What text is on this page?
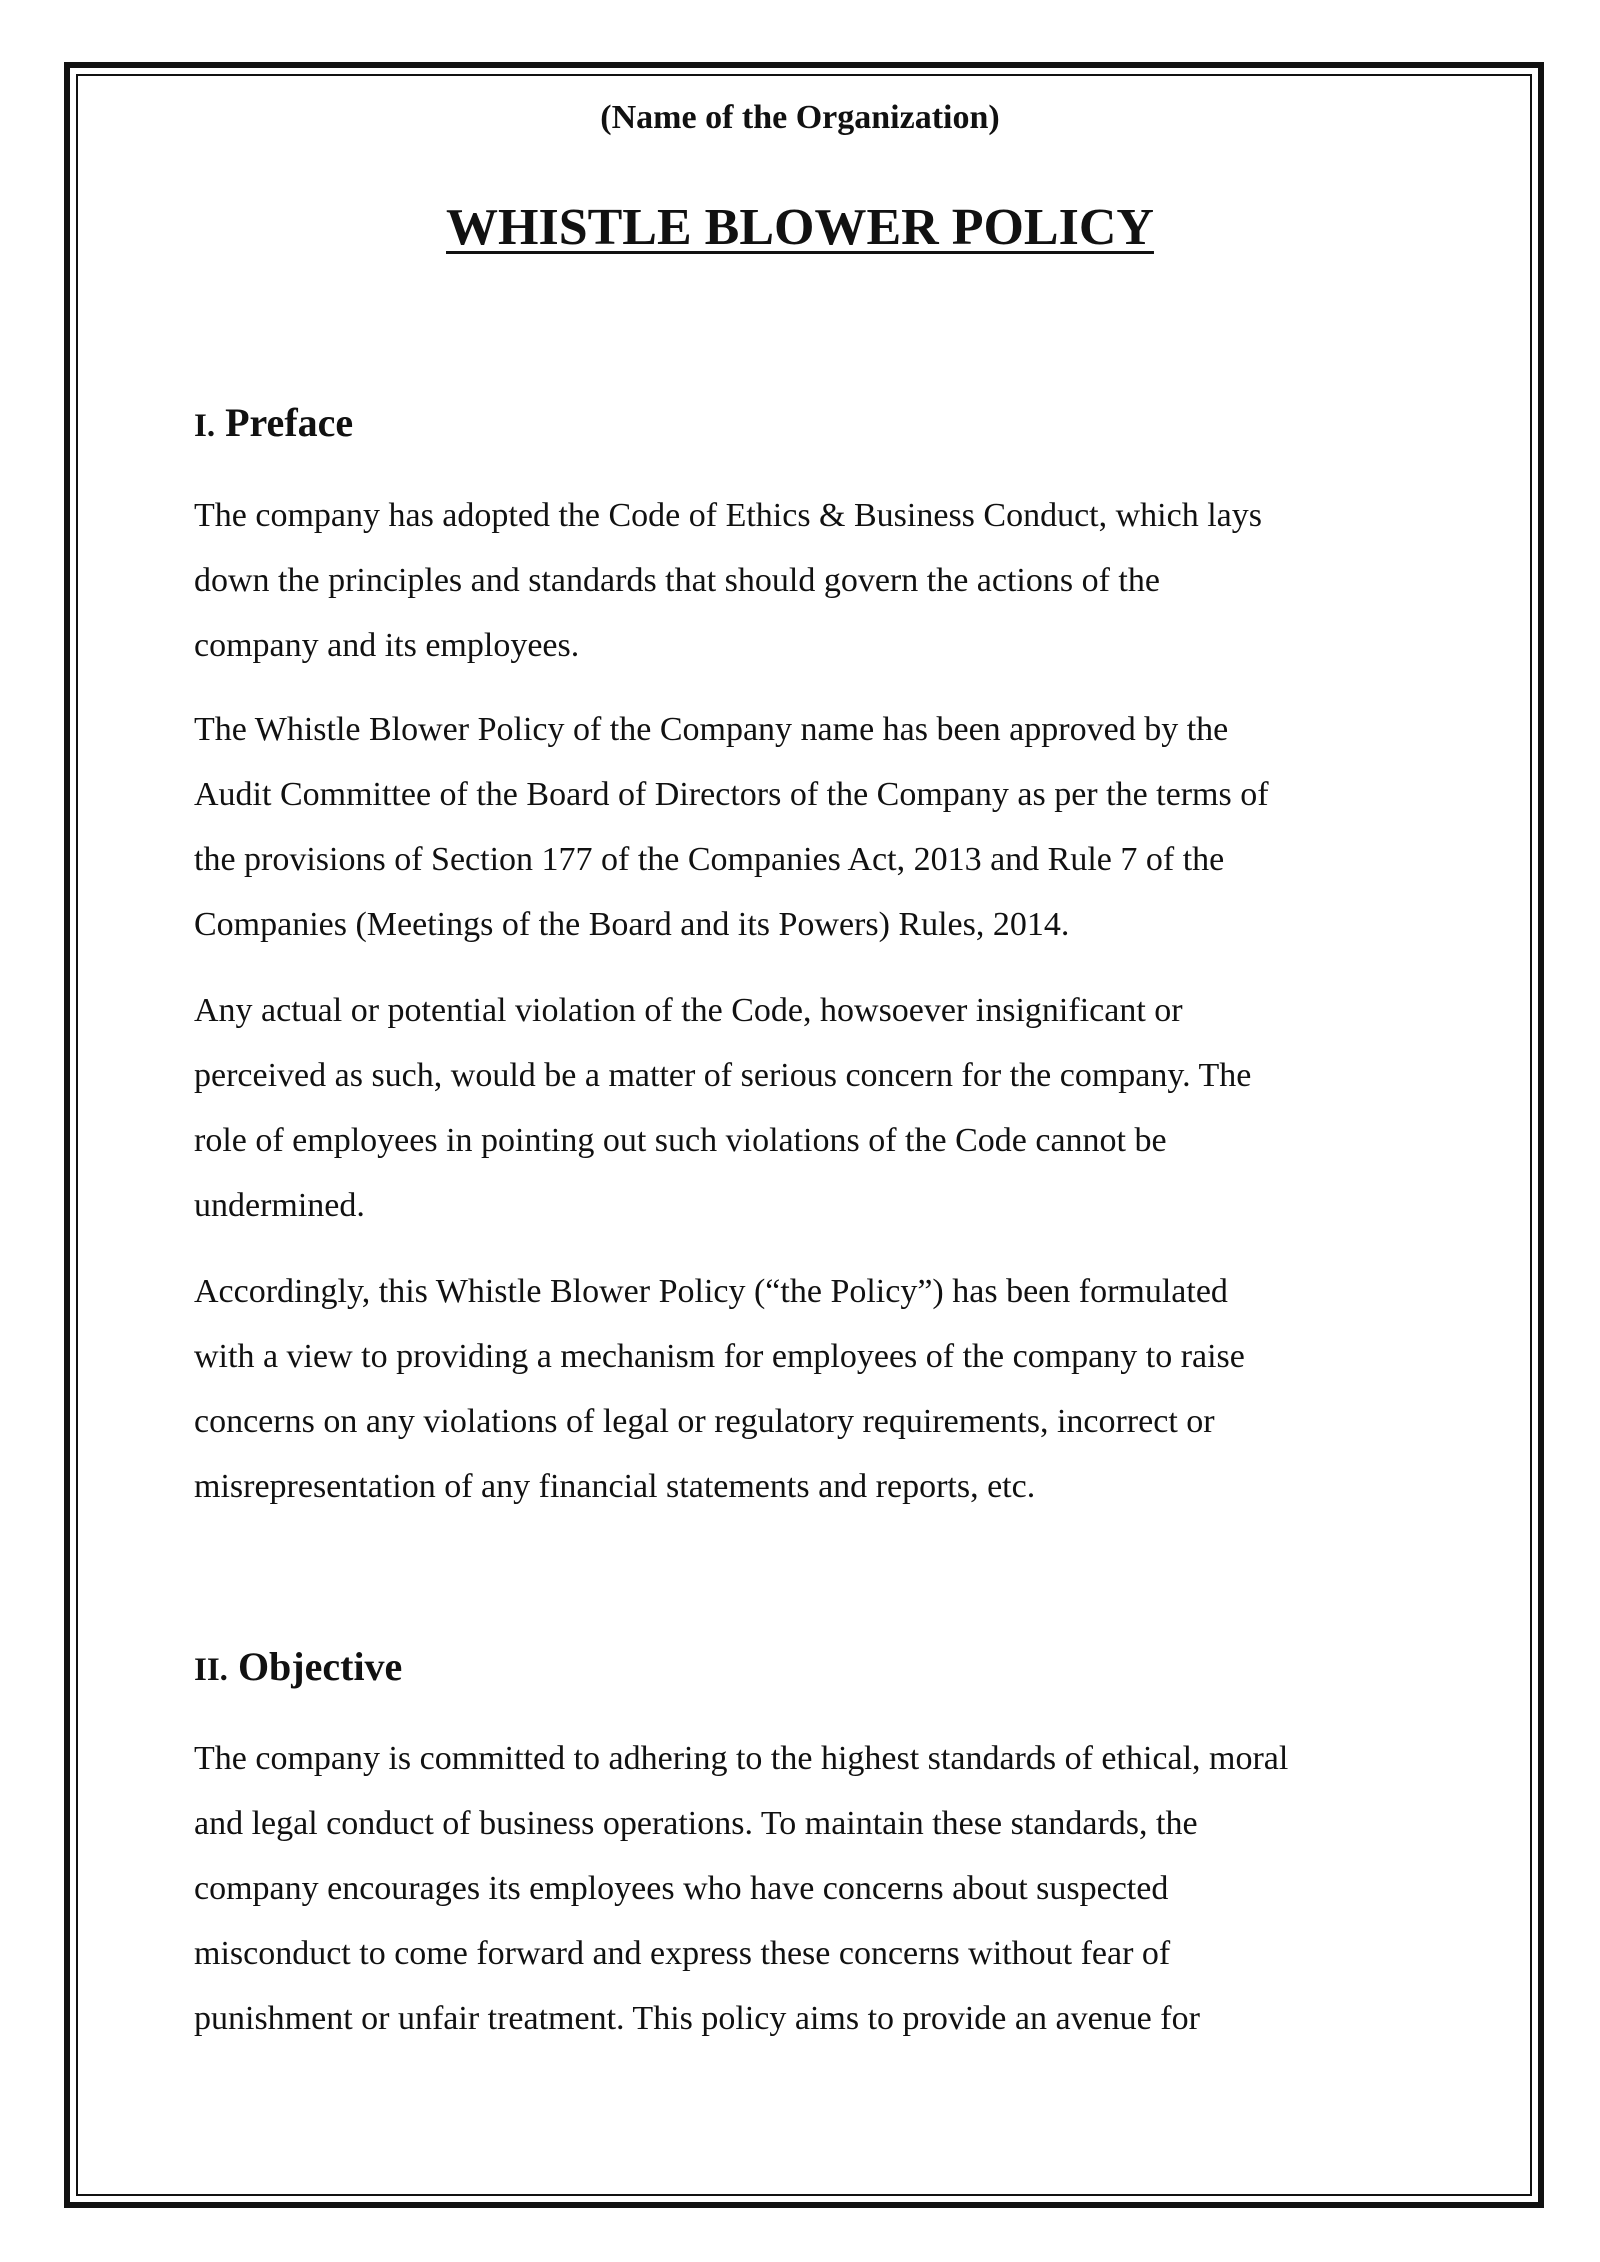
(Name of the Organization)
WHISTLE BLOWER POLICY
I. Preface

The company has adopted the Code of Ethics & Business Conduct, which lays
down the principles and standards that should govern the actions of the
company and its employees.

The Whistle Blower Policy of the Company name has been approved by the
Audit Committee of the Board of Directors of the Company as per the terms of
the provisions of Section 177 of the Companies Act, 2013 and Rule 7 of the
Companies (Meetings of the Board and its Powers) Rules, 2014.

Any actual or potential violation of the Code, howsoever insignificant or
perceived as such, would be a matter of serious concern for the company. The
role of employees in pointing out such violations of the Code cannot be
undermined.

Accordingly, this Whistle Blower Policy (“the Policy”) has been formulated
with a view to providing a mechanism for employees of the company to raise
concerns on any violations of legal or regulatory requirements, incorrect or
misrepresentation of any financial statements and reports, etc.

II. Objective

The company is committed to adhering to the highest standards of ethical, moral
and legal conduct of business operations. To maintain these standards, the
company encourages its employees who have concerns about suspected
misconduct to come forward and express these concerns without fear of
punishment or unfair treatment. This policy aims to provide an avenue for
